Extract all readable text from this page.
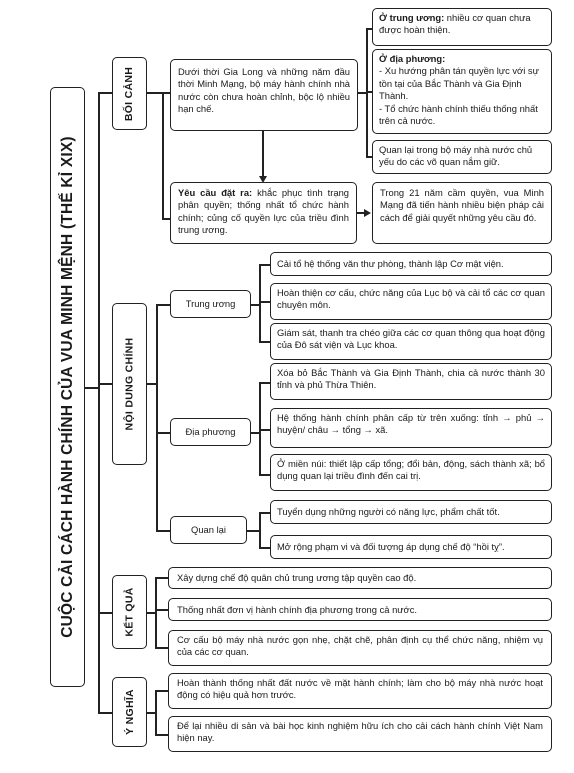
CUỘC CẢI CÁCH HÀNH CHÍNH CỦA VUA MINH MỆNH (THẾ KỈ XIX)
BỐI CẢNH
NỘI DUNG CHÍNH
KẾT QUẢ
Ý NGHĨA
Dưới thời Gia Long và những năm đầu thời Minh Mạng, bộ máy hành chính nhà nước còn chưa hoàn chỉnh, bộc lộ nhiều hạn chế.
Ở trung ương: nhiều cơ quan chưa được hoàn thiện.
Ở địa phương:
- Xu hướng phân tán quyền lực với sự tồn tại của Bắc Thành và Gia Định Thành.
- Tổ chức hành chính thiếu thống nhất trên cả nước.
Quan lại trong bộ máy nhà nước chủ yếu do các võ quan nắm giữ.
Yêu cầu đặt ra: khắc phục tình trạng phân quyền; thống nhất tổ chức hành chính; củng cố quyền lực của triều đình trung ương.
Trong 21 năm cầm quyền, vua Minh Mạng đã tiến hành nhiều biện pháp cải cách để giải quyết những yêu cầu đó.
Trung ương
Địa phương
Quan lại
Cải tổ hệ thống văn thư phòng, thành lập Cơ mật viện.
Hoàn thiện cơ cấu, chức năng của Lục bộ và cải tổ các cơ quan chuyên môn.
Giám sát, thanh tra chéo giữa các cơ quan thông qua hoạt động của Đô sát viện và Lục khoa.
Xóa bỏ Bắc Thành và Gia Định Thành, chia cả nước thành 30 tỉnh và phủ Thừa Thiên.
Hệ thống hành chính phân cấp từ trên xuống: tỉnh → phủ → huyện/ châu → tổng → xã.
Ở miền núi: thiết lập cấp tổng; đổi bản, động, sách thành xã; bổ dụng quan lại triều đình đến cai trị.
Tuyển dụng những người có năng lực, phẩm chất tốt.
Mở rộng phạm vi và đối tượng áp dụng chế độ “hồi tỵ”.
Xây dựng chế độ quân chủ trung ương tập quyền cao độ.
Thống nhất đơn vị hành chính địa phương trong cả nước.
Cơ cấu bộ máy nhà nước gọn nhẹ, chặt chẽ, phân định cụ thể chức năng, nhiệm vụ của các cơ quan.
Hoàn thành thống nhất đất nước về mặt hành chính; làm cho bộ máy nhà nước hoạt động có hiệu quả hơn trước.
Để lại nhiều di sản và bài học kinh nghiệm hữu ích cho cải cách hành chính Việt Nam hiện nay.
